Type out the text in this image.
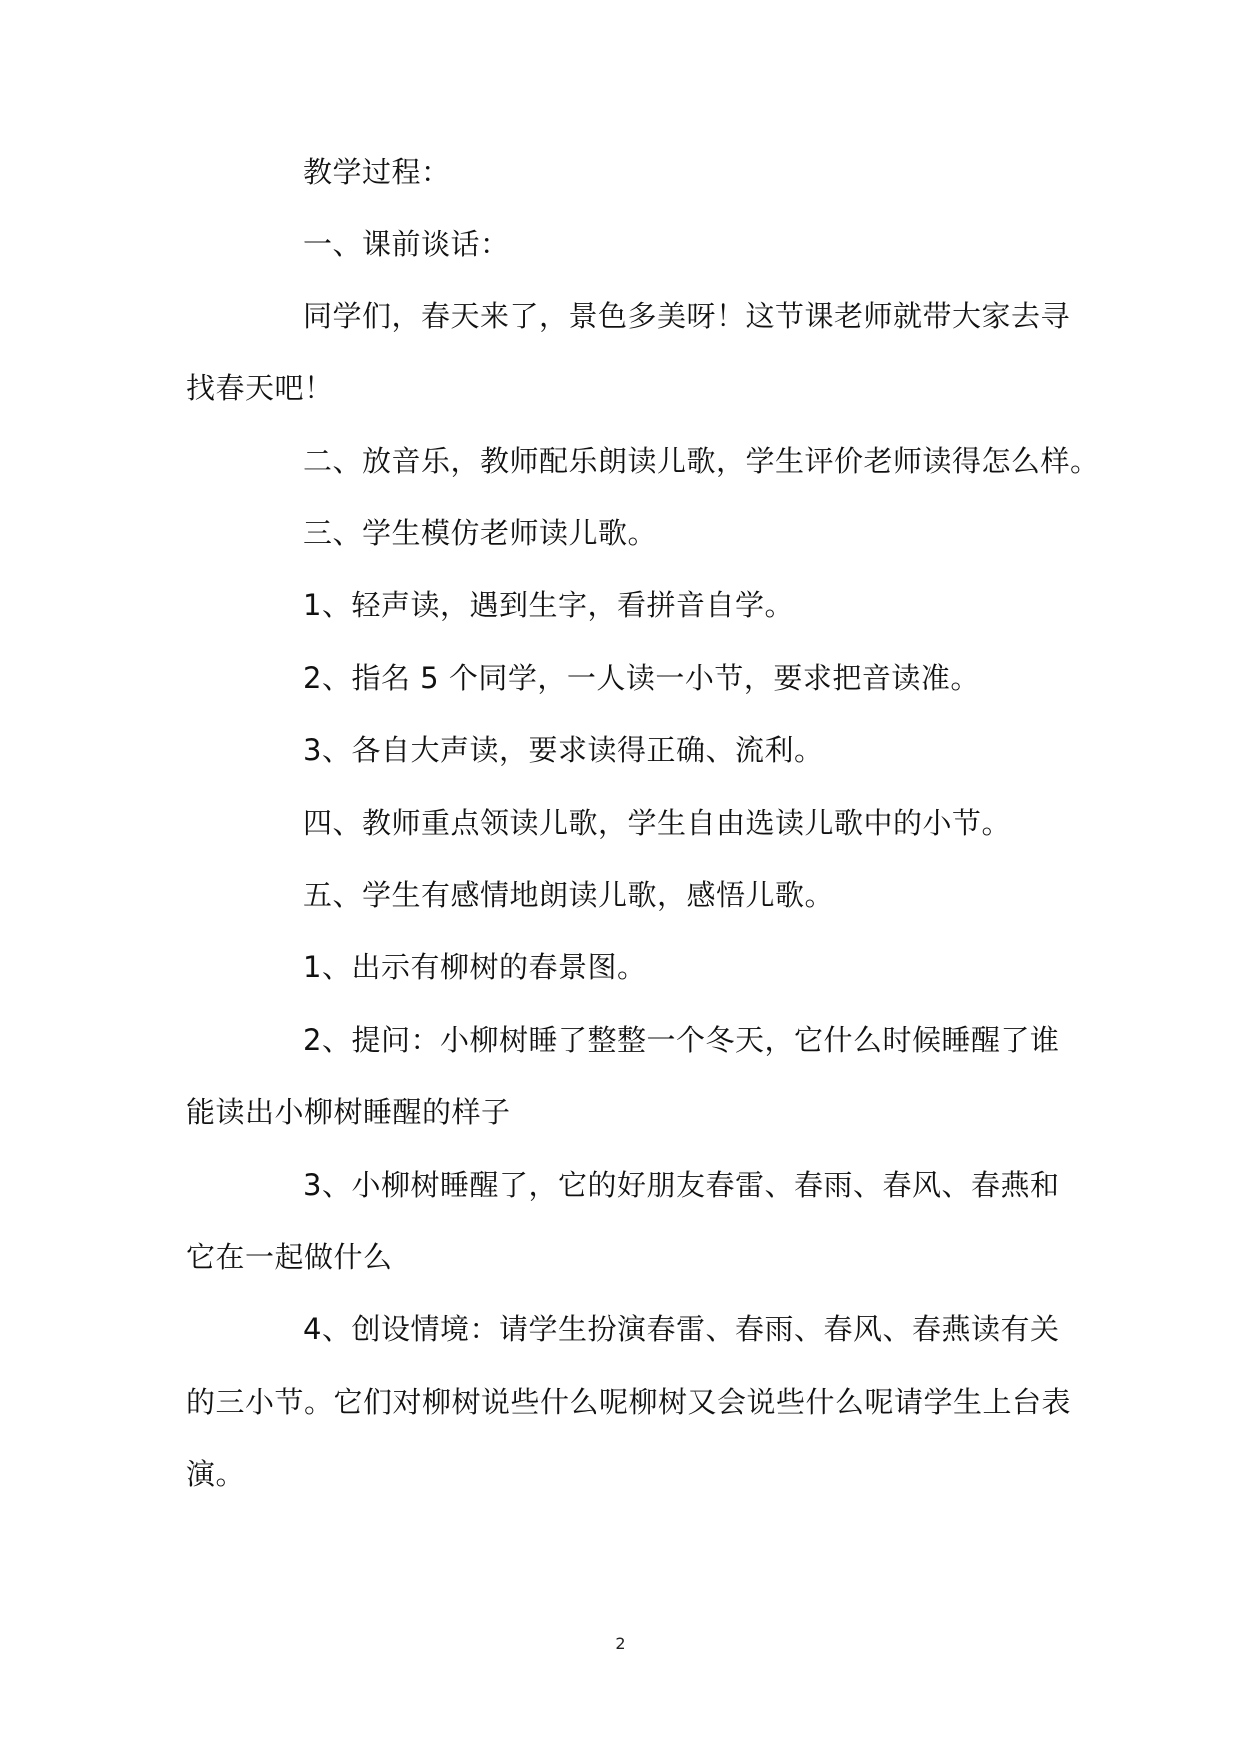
教学过程：
一、课前谈话：
同学们，春天来了，景色多美呀！这节课老师就带大家去寻
找春天吧！
二、放音乐，教师配乐朗读儿歌，学生评价老师读得怎么样。
三、学生模仿老师读儿歌。
1、轻声读，遇到生字，看拼音自学。
2、指名 5 个同学，一人读一小节，要求把音读准。
3、各自大声读，要求读得正确、流利。
四、教师重点领读儿歌，学生自由选读儿歌中的小节。
五、学生有感情地朗读儿歌，感悟儿歌。
1、出示有柳树的春景图。
2、提问：小柳树睡了整整一个冬天，它什么时候睡醒了谁
能读出小柳树睡醒的样子
3、小柳树睡醒了，它的好朋友春雷、春雨、春风、春燕和
它在一起做什么
4、创设情境：请学生扮演春雷、春雨、春风、春燕读有关
的三小节。它们对柳树说些什么呢柳树又会说些什么呢请学生上台表
演。
2
